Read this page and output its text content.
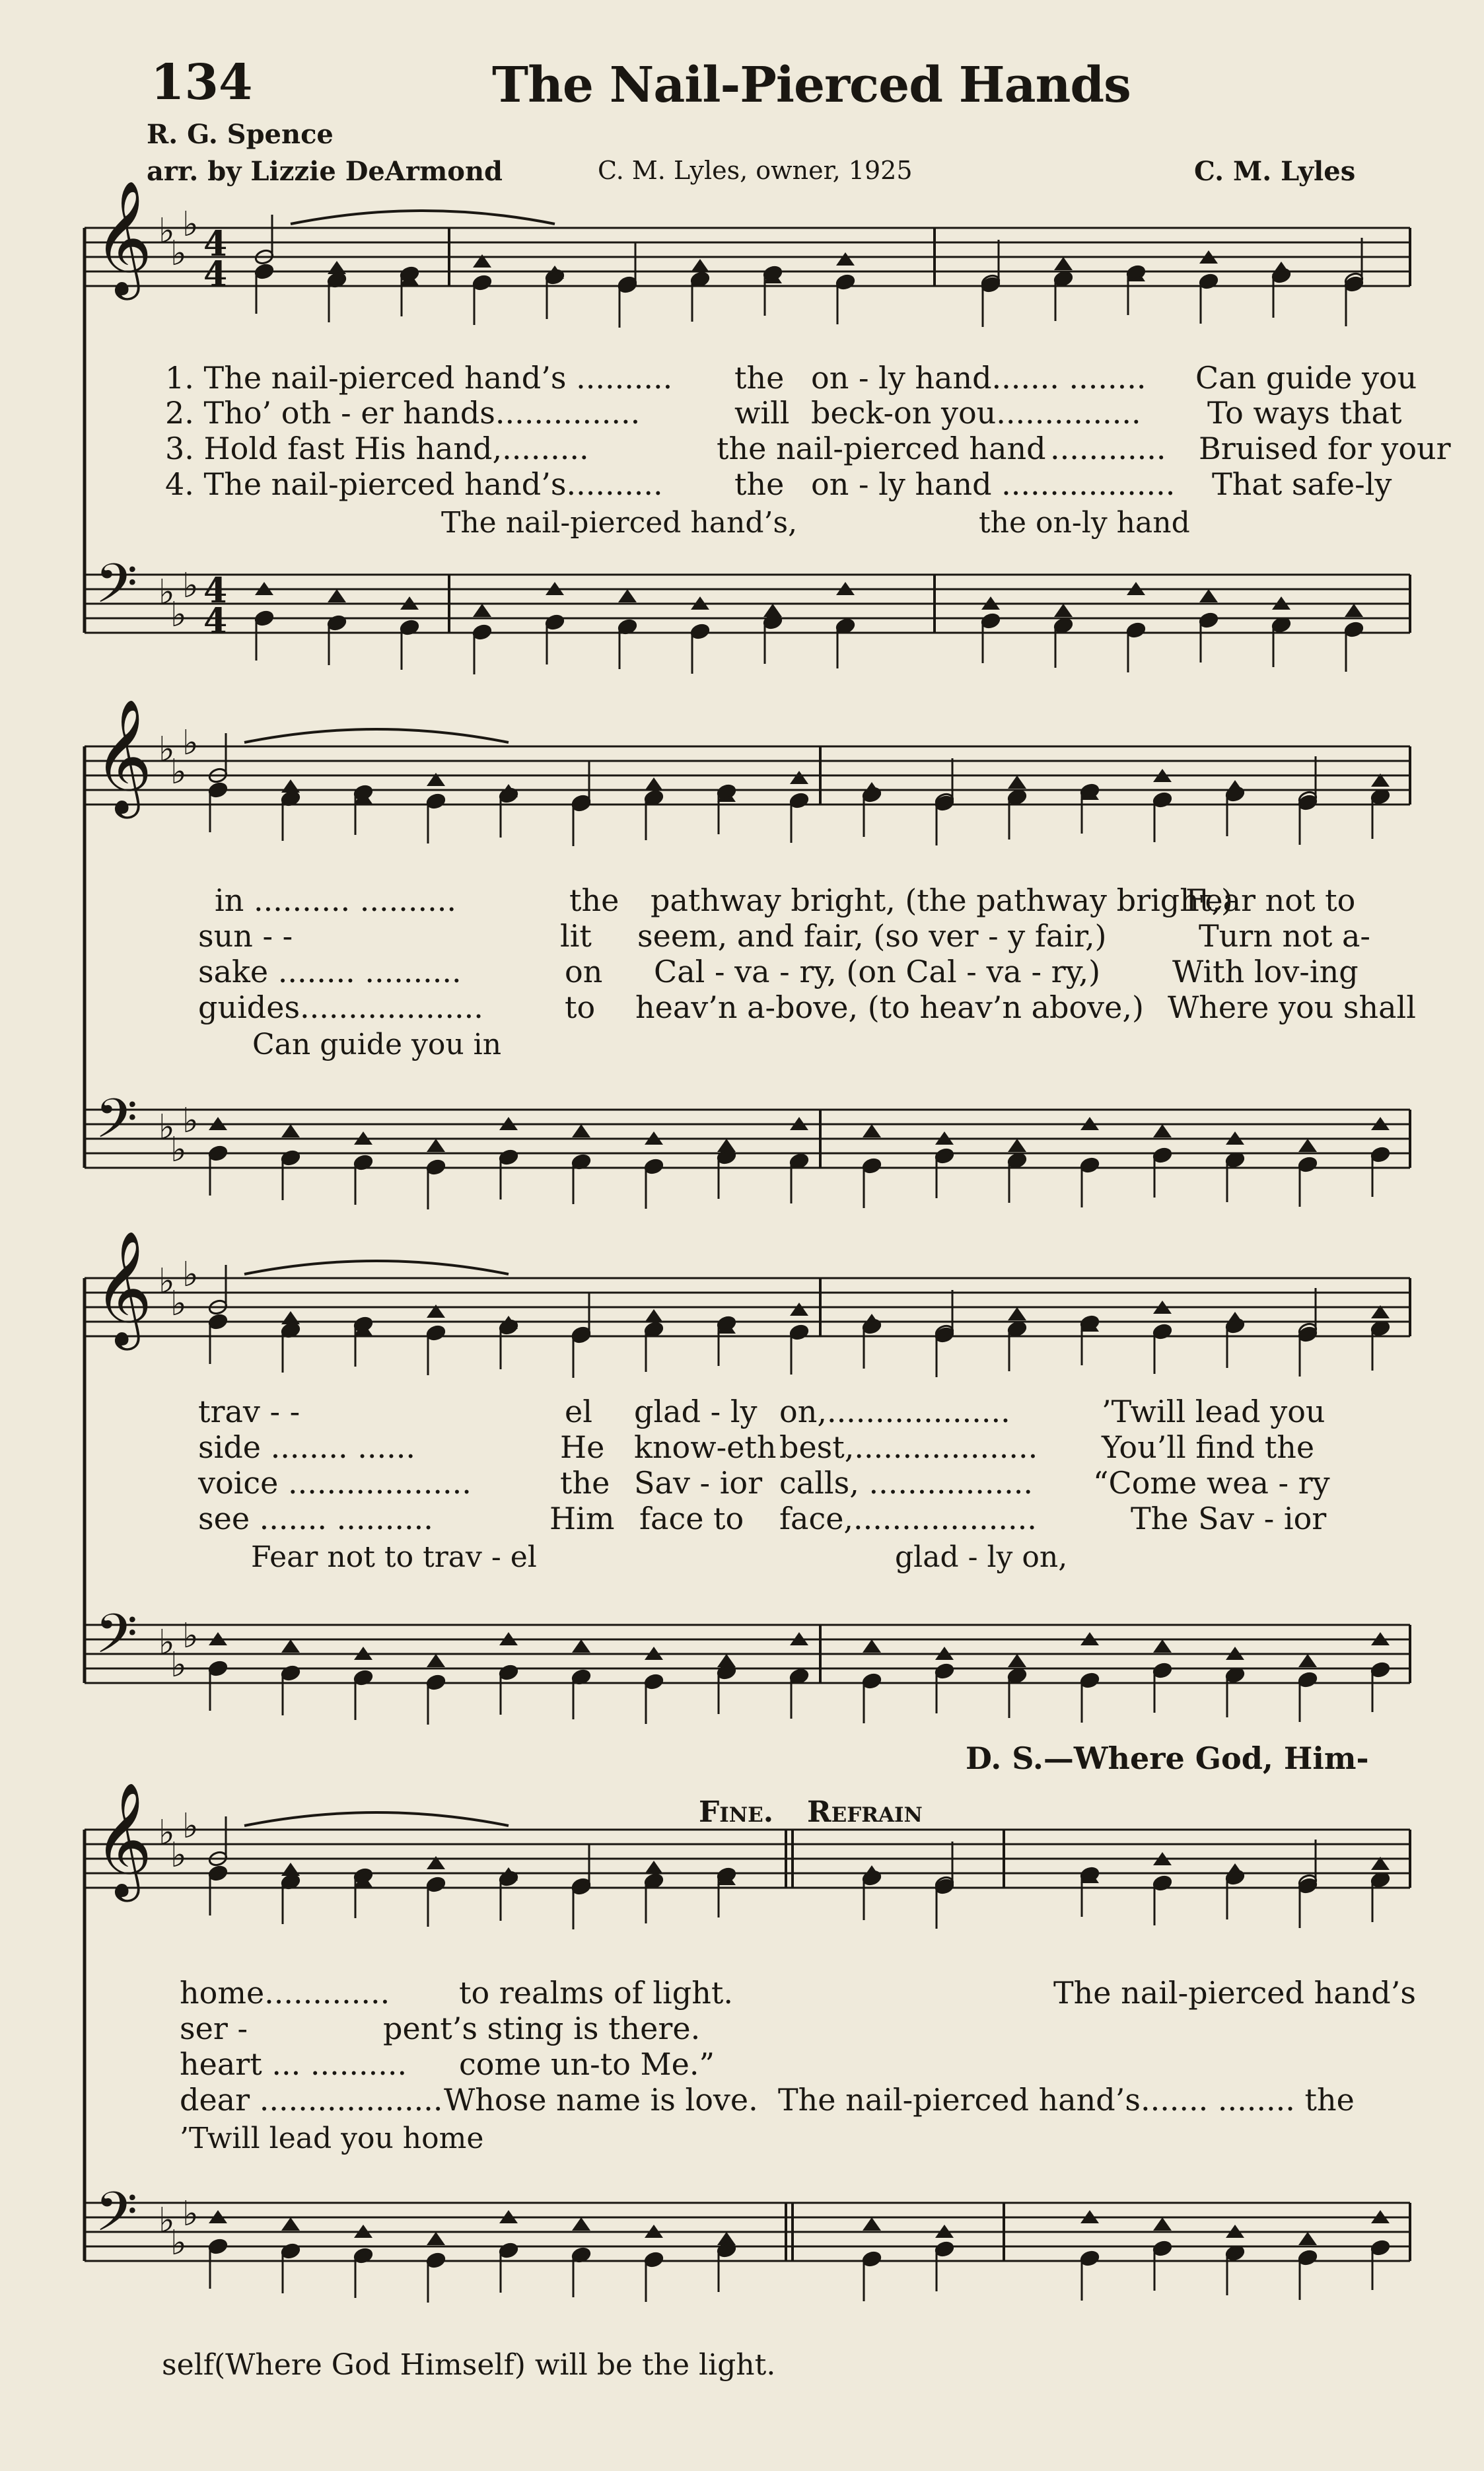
134	The Nail-Pierced Hands
R. G. Spence
arr. by Lizzie DeArmond	C. M. Lyles, owner, 1925	C. M. Lyles
𝄞
𝄢
♭
♭
♭
♭
♭
♭
4
4
4
4
𝄞
𝄢
♭
♭
♭
♭
♭
♭
𝄞
𝄢
♭
♭
♭
♭
♭
♭
𝄞
𝄢
♭
♭
♭
♭
♭
♭
1. The nail-pierced hand’s .......... the on - ly hand....... ........ Can guide you
2. Tho’ oth - er hands...............	will beck-on you............... To ways that
3. Hold fast His hand,.........	the nail-pierced hand ............ Bruised for your
4. The nail-pierced hand’s.......... the on - ly hand .................. That safe-ly
The nail-pierced hand’s,	the on-ly hand
in .......... ..........	the pathway bright, (the pathway bright,)
Fear not to
sun - -	lit seem, and fair, (so ver - y fair,)	Turn not a-
sake ........ ..........	on Cal - va - ry, (on Cal - va - ry,) With lov-ing
guides...................	to heav’n a-bove, (to heav’n above,) Where you shall
Can guide you in
trav - -	el glad - ly on,...................	’Twill lead you
side ........ ......	He know-eth best,................... You’ll find the
voice ...................	the Sav - ior calls, ................. “Come wea - ry
see ....... ..........	Him face to face,...................	The Sav - ior
Fear not to trav - el	glad - ly on,
D. S.—Where God, Him-
Fine. Refrain
home............. to realms of light.	The nail-pierced hand’s
ser -	pent’s sting is there.
heart ... .......... come un-to Me.”
dear ................... Whose name is love. The nail-pierced hand’s....... ........ the
’Twill lead you home
self(Where God Himself) will be the light.
